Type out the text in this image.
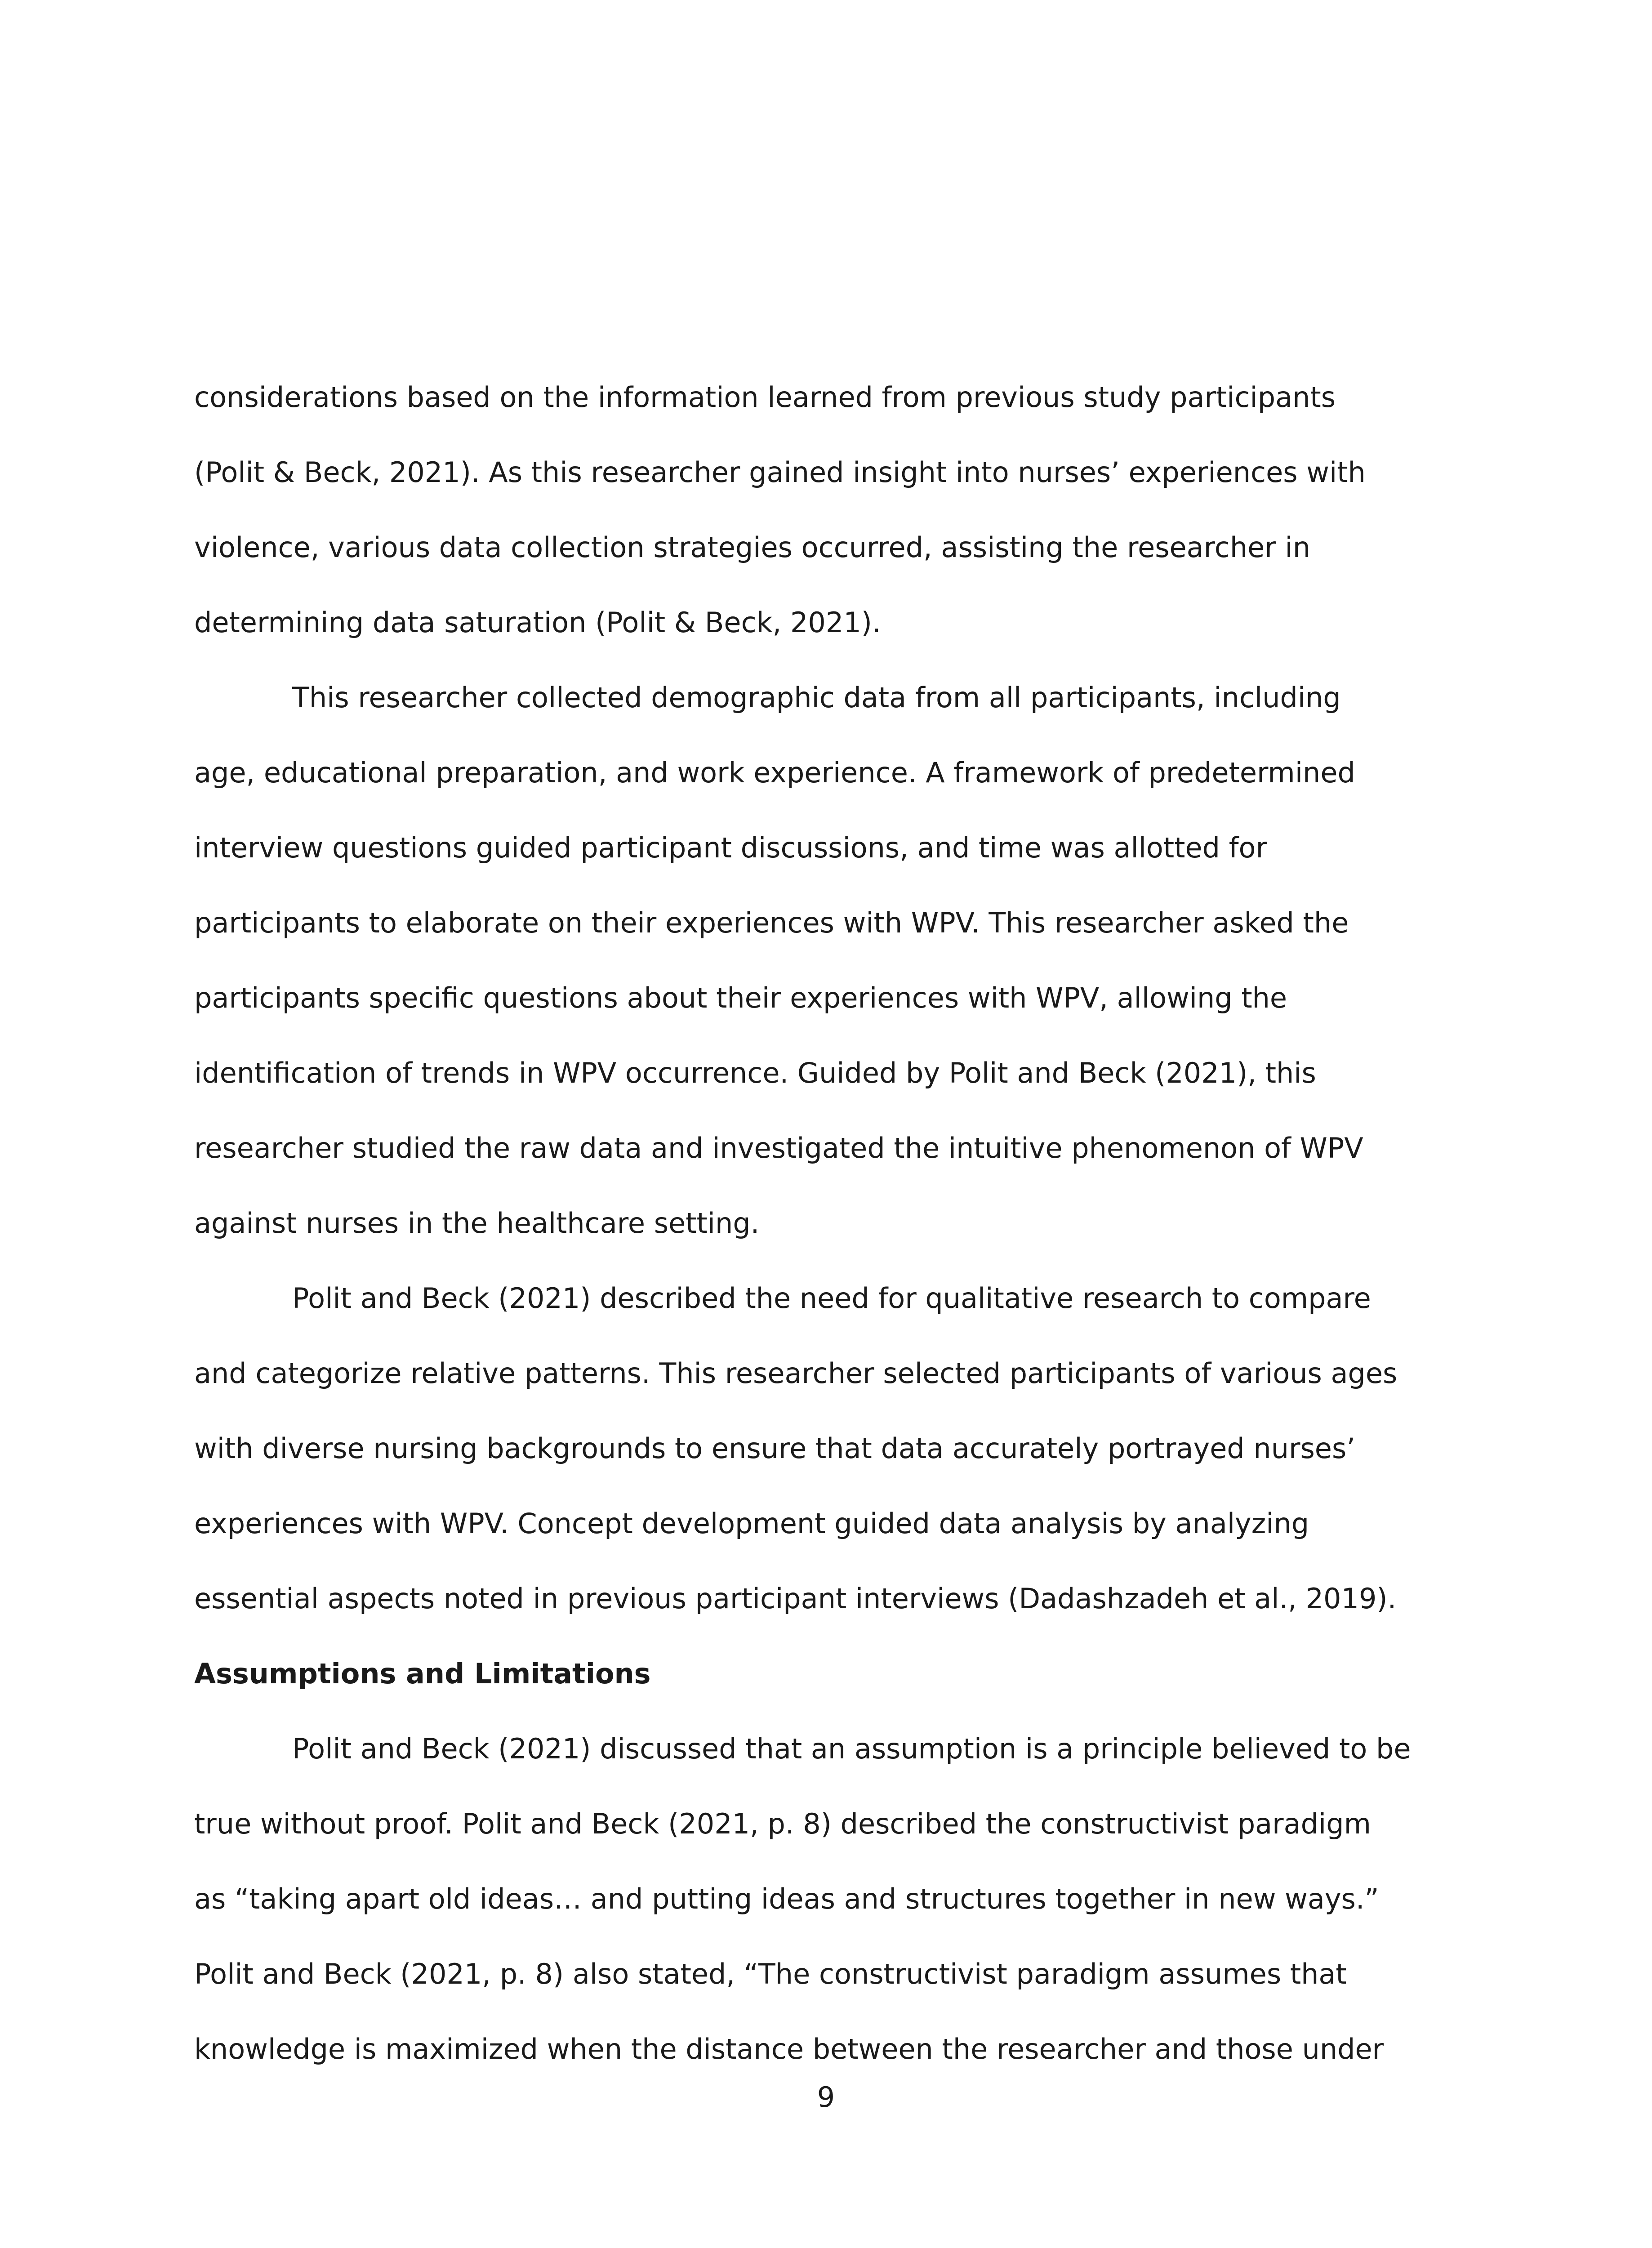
considerations based on the information learned from previous study participants
(Polit & Beck, 2021). As this researcher gained insight into nurses’ experiences with
violence, various data collection strategies occurred, assisting the researcher in
determining data saturation (Polit & Beck, 2021).
This researcher collected demographic data from all participants, including
age, educational preparation, and work experience. A framework of predetermined
interview questions guided participant discussions, and time was allotted for
participants to elaborate on their experiences with WPV. This researcher asked the
participants specific questions about their experiences with WPV, allowing the
identification of trends in WPV occurrence. Guided by Polit and Beck (2021), this
researcher studied the raw data and investigated the intuitive phenomenon of WPV
against nurses in the healthcare setting.
Polit and Beck (2021) described the need for qualitative research to compare
and categorize relative patterns. This researcher selected participants of various ages
with diverse nursing backgrounds to ensure that data accurately portrayed nurses’
experiences with WPV. Concept development guided data analysis by analyzing
essential aspects noted in previous participant interviews (Dadashzadeh et al., 2019).
Assumptions and Limitations
Polit and Beck (2021) discussed that an assumption is a principle believed to be
true without proof. Polit and Beck (2021, p. 8) described the constructivist paradigm
as “taking apart old ideas… and putting ideas and structures together in new ways.”
Polit and Beck (2021, p. 8) also stated, “The constructivist paradigm assumes that
knowledge is maximized when the distance between the researcher and those under
9
